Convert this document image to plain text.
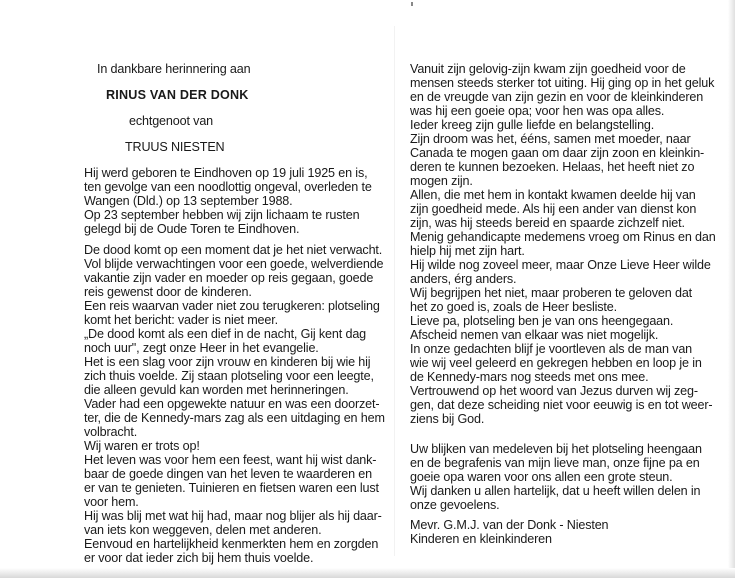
In dankbare herinnering aan
RINUS VAN DER DONK
echtgenoot van
TRUUS NIESTEN
Hij werd geboren te Eindhoven op 19 juli 1925 en is,
ten gevolge van een noodlottig ongeval, overleden te
Wangen (Dld.) op 13 september 1988.
Op 23 september hebben wij zijn lichaam te rusten
gelegd bij de Oude Toren te Eindhoven.
De dood komt op een moment dat je het niet verwacht.
Vol blijde verwachtingen voor een goede, welverdiende
vakantie zijn vader en moeder op reis gegaan, goede
reis gewenst door de kinderen.
Een reis waarvan vader niet zou terugkeren: plotseling
komt het bericht: vader is niet meer.
„De dood komt als een dief in de nacht, Gij kent dag
noch uur", zegt onze Heer in het evangelie.
Het is een slag voor zijn vrouw en kinderen bij wie hij
zich thuis voelde. Zij staan plotseling voor een leegte,
die alleen gevuld kan worden met herinneringen.
Vader had een opgewekte natuur en was een doorzet-
ter, die de Kennedy-mars zag als een uitdaging en hem
volbracht.
Wij waren er trots op!
Het leven was voor hem een feest, want hij wist dank-
baar de goede dingen van het leven te waarderen en
er van te genieten. Tuinieren en fietsen waren een lust
voor hem.
Hij was blij met wat hij had, maar nog blijer als hij daar-
van iets kon weggeven, delen met anderen.
Eenvoud en hartelijkheid kenmerkten hem en zorgden
er voor dat ieder zich bij hem thuis voelde.
Vanuit zijn gelovig-zijn kwam zijn goedheid voor de
mensen steeds sterker tot uiting. Hij ging op in het geluk
en de vreugde van zijn gezin en voor de kleinkinderen
was hij een goeie opa; voor hen was opa alles.
Ieder kreeg zijn gulle liefde en belangstelling.
Zijn droom was het, ééns, samen met moeder, naar
Canada te mogen gaan om daar zijn zoon en kleinkin-
deren te kunnen bezoeken. Helaas, het heeft niet zo
mogen zijn.
Allen, die met hem in kontakt kwamen deelde hij van
zijn goedheid mede. Als hij een ander van dienst kon
zijn, was hij steeds bereid en spaarde zichzelf niet.
Menig gehandicapte medemens vroeg om Rinus en dan
hielp hij met zijn hart.
Hij wilde nog zoveel meer, maar Onze Lieve Heer wilde
anders, érg anders.
Wij begrijpen het niet, maar proberen te geloven dat
het zo goed is, zoals de Heer besliste.
Lieve pa, plotseling ben je van ons heengegaan.
Afscheid nemen van elkaar was niet mogelijk.
In onze gedachten blijf je voortleven als de man van
wie wij veel geleerd en gekregen hebben en loop je in
de Kennedy-mars nog steeds met ons mee.
Vertrouwend op het woord van Jezus durven wij zeg-
gen, dat deze scheiding niet voor eeuwig is en tot weer-
ziens bij God.
Uw blijken van medeleven bij het plotseling heengaan
en de begrafenis van mijn lieve man, onze fijne pa en
goeie opa waren voor ons allen een grote steun.
Wij danken u allen hartelijk, dat u heeft willen delen in
onze gevoelens.
Mevr. G.M.J. van der Donk - Niesten
Kinderen en kleinkinderen
